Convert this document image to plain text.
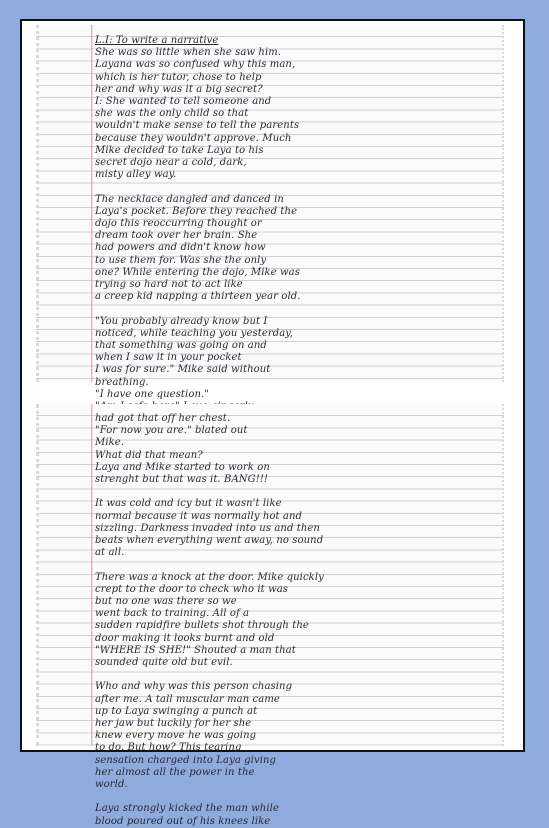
L.I: To write a narrative

She was so little when she saw him.

Layana was so confused why this man,

which is her tutor, chose to help

her and why was it a big secret?

I: She wanted to tell someone and

she was the only child so that

wouldn't make sense to tell the parents

because they wouldn't approve. Much

Mike decided to take Laya to his

secret dojo near a cold, dark,

misty alley way.

The necklace dangled and danced in

Laya's pocket. Before they reached the

dojo this reoccurring thought or

dream took over her brain. She

had powers and didn't know how

to use them for. Was she the only

one? While entering the dojo, Mike was

trying so hard not to act like

a creep kid napping a thirteen year old.

"You probably already know but I

noticed, while teaching you yesterday,

that something was going on and

when I saw it in your pocket

I was for sure." Mike said without

breathing.

"I have one question."

had got that off her chest.

"For now you are." blated out

Mike.

What did that mean?

Laya and Mike started to work on

strenght but that was it. BANG!!!

It was cold and icy but it wasn't like

normal because it was normally hot and

sizzling. Darkness invaded into us and then

beats when everything went away, no sound

at all.

There was a knock at the door. Mike quickly

crept to the door to check who it was

but no one was there so we

went back to training. All of a

sudden rapidfire bullets shot through the

door making it looks burnt and old

"WHERE IS SHE!" Shouted a man that

sounded quite old but evil.

Who and why was this person chasing

after me. A tall muscular man came

up to Laya swinging a punch at

her jaw but luckily for her she

knew every move he was going

to do. But how? This tearing

sensation charged into Laya giving

her almost all the power in the

world.

Laya strongly kicked the man while

blood poured out of his knees like
